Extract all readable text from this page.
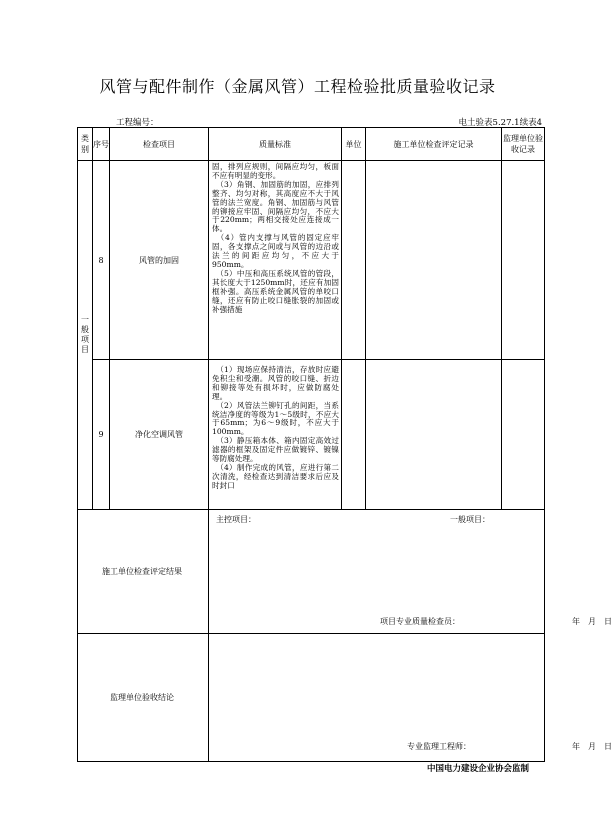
风管与配件制作（金属风管）工程检验批质量验收记录
工程编号：	电土验表5.27.1续表4
类别	序号	检查项目	质量标准	单位	施工单位检查评定记录	监理单位验收记录
一般项目	8	风管的加固	固，排列应规则，间隔应均匀，板面不应有明显的变形。
　（3）角钢、加固筋的加固，应排列整齐、均匀对称，其高度应不大于风管的法兰宽度。角钢、加固筋与风管的铆接应牢固、间隔应均匀，不应大于220mm；两相交接处应连接成一体。
　（4）管内支撑与风管的固定应牢固，各支撑点之间或与风管的边沿或法兰的间距应均匀，不应大于950mm。
　（5）中压和高压系统风管的管段，其长度大于1250mm时，还应有加固框补强。高压系统金属风管的单咬口缝，还应有防止咬口缝胀裂的加固或补强措施			
	9	净化空调风管	　（1）现场应保持清洁，存放时应避免积尘和受潮。风管的咬口缝、折边和铆接等处有损坏时，应做防腐处理。
　（2）风管法兰铆钉孔的间距，当系统洁净度的等级为1～5级时，不应大于65mm；为6～9级时，不应大于100mm。
　（3）静压箱本体、箱内固定高效过滤器的框架及固定件应做镀锌、镀镍等防腐处理。
　（4）制作完成的风管，应进行第二次清洗，经检查达到清洁要求后应及时封口			
施工单位检查评定结果			主控项目： 一般项目：
项目专业质量检查员： 年　月　日			

监理单位验收结论			专业监理工程师： 年　月　日			
中国电力建设企业协会监制
